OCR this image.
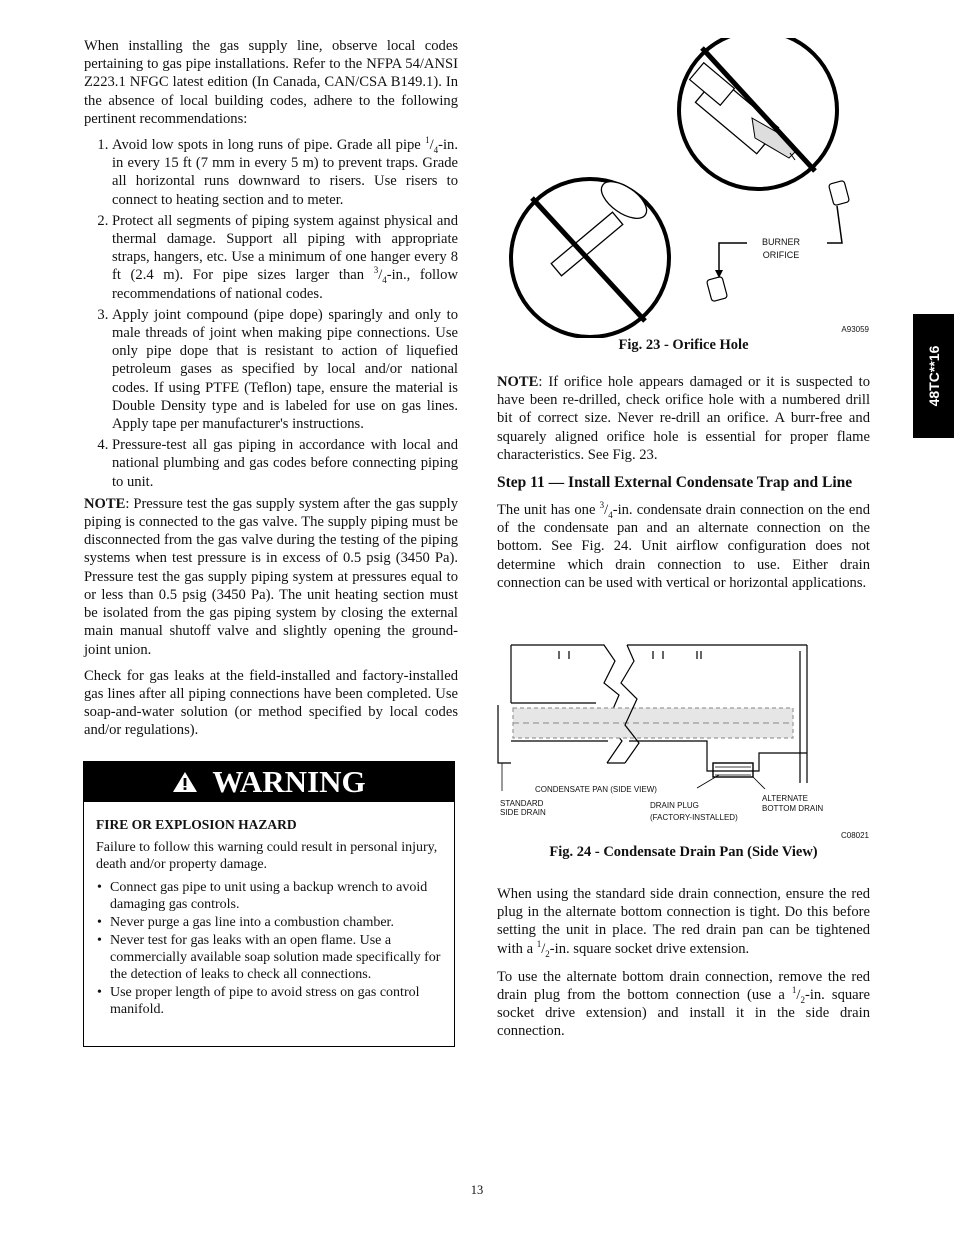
When installing the gas supply line, observe local codes pertaining to gas pipe installations. Refer to the NFPA 54/ANSI Z223.1 NFGC latest edition (In Canada, CAN/CSA B149.1). In the absence of local building codes, adhere to the following pertinent recommendations:

1. Avoid low spots in long runs of pipe. Grade all pipe $^1/_4-in$. in every 15 ft (7 mm in every 5 m) to prevent traps. Grade all horizontal runs downward to risers. Use risers to connect to heating section and to meter.
2. Protect all segments of piping system against physical and thermal damage. Support all piping with appropriate straps, hangers, etc. Use a minimum of one hanger every 8 ft (2.4 m). For pipe sizes larger than $^3/_4-in$., follow recommendations of national codes.
3. Apply joint compound (pipe dope) sparingly and only to male threads of joint when making pipe connections. Use only pipe dope that is resistant to action of liquefied petroleum gases as specified by local and/or national codes. If using PTFE (Teflon) tape, ensure the material is Double Density type and is labeled for use on gas lines. Apply tape per manufacturer's instructions.
4. Pressure-test all gas piping in accordance with local and national plumbing and gas codes before connecting piping to unit.

NOTE: Pressure test the gas supply system after the gas supply piping is connected to the gas valve. The supply piping must be disconnected from the gas valve during the testing of the piping systems when test pressure is in excess of 0.5 psig (3450 Pa). Pressure test the gas supply piping system at pressures equal to or less than 0.5 psig (3450 Pa). The unit heating section must be isolated from the gas piping system by closing the external main manual shutoff valve and slightly opening the ground-joint union.

Check for gas leaks at the field-installed and factory-installed gas lines after all piping connections have been completed. Use soap-and-water solution (or method specified by local codes and/or regulations).

WARNING
FIRE OR EXPLOSION HAZARD
Failure to follow this warning could result in personal injury, death and/or property damage.
• Connect gas pipe to unit using a backup wrench to avoid damaging gas controls.
• Never purge a gas line into a combustion chamber.
• Never test for gas leaks with an open flame. Use a commercially available soap solution made specifically for the detection of leaks to check all connections.
• Use proper length of pipe to avoid stress on gas control manifold.
BURNER
ORIFICE
A93059
Fig. 23 - Orifice Hole

NOTE: If orifice hole appears damaged or it is suspected to have been re-drilled, check orifice hole with a numbered drill bit of correct size. Never re-drill an orifice. A burr-free and squarely aligned orifice hole is essential for proper flame characteristics. See Fig. 23.

Step 11 — Install External Condensate Trap and Line

The unit has one $^3/_4-in$. condensate drain connection on the end of the condensate pan and an alternate connection on the bottom. See Fig. 24. Unit airflow configuration does not determine which drain connection to use. Either drain connection can be used with vertical or horizontal applications.

CONDENSATE PAN (SIDE VIEW)
STANDARD
SIDE DRAIN
DRAIN PLUG
(FACTORY-INSTALLED)
ALTERNATE
BOTTOM DRAIN
C08021
Fig. 24 - Condensate Drain Pan (Side View)

When using the standard side drain connection, ensure the red plug in the alternate bottom connection is tight. Do this before setting the unit in place. The red drain pan can be tightened with a $^1/_2-in$. square socket drive extension.

To use the alternate bottom drain connection, remove the red drain plug from the bottom connection (use a $^1/_2-in$. square socket drive extension) and install it in the side drain connection.

48TC**16
13
